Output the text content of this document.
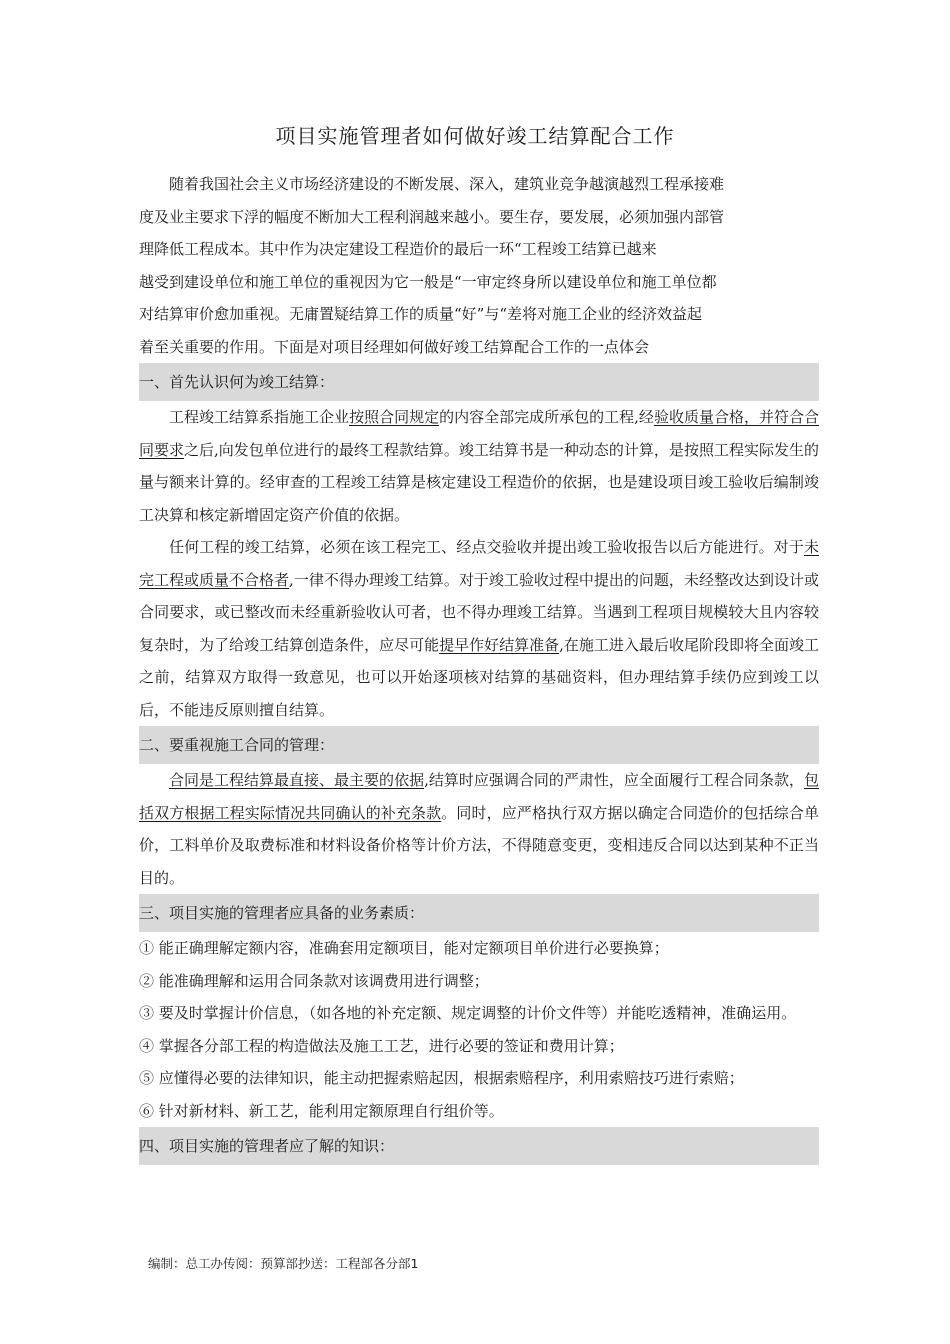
项目实施管理者如何做好竣工结算配合工作

随着我国社会主义市场经济建设的不断发展、深入，建筑业竞争越演越烈工程承接难
度及业主要求下浮的幅度不断加大工程利润越来越小。要生存，要发展，必须加强内部管
理降低工程成本。其中作为决定建设工程造价的最后一环“工程竣工结算已越来
越受到建设单位和施工单位的重视因为它一般是“一审定终身所以建设单位和施工单位都
对结算审价愈加重视。无庸置疑结算工作的质量“好”与“差将对施工企业的经济效益起
着至关重要的作用。下面是对项目经理如何做好竣工结算配合工作的一点体会

一、首先认识何为竣工结算：

工程竣工结算系指施工企业按照合同规定的内容全部完成所承包的工程,经验收质量合格，并符合合同要求之后,向发包单位进行的最终工程款结算。竣工结算书是一种动态的计算，是按照工程实际发生的量与额来计算的。经审查的工程竣工结算是核定建设工程造价的依据，也是建设项目竣工验收后编制竣工决算和核定新增固定资产价值的依据。

任何工程的竣工结算，必须在该工程完工、经点交验收并提出竣工验收报告以后方能进行。对于未完工程或质量不合格者,一律不得办理竣工结算。对于竣工验收过程中提出的问题，未经整改达到设计或合同要求，或已整改而未经重新验收认可者，也不得办理竣工结算。当遇到工程项目规模较大且内容较复杂时，为了给竣工结算创造条件，应尽可能提早作好结算准备,在施工进入最后收尾阶段即将全面竣工之前，结算双方取得一致意见，也可以开始逐项核对结算的基础资料，但办理结算手续仍应到竣工以后，不能违反原则擅自结算。

二、要重视施工合同的管理：

合同是工程结算最直接、最主要的依据,结算时应强调合同的严肃性，应全面履行工程合同条款，包括双方根据工程实际情况共同确认的补充条款。同时，应严格执行双方据以确定合同造价的包括综合单价，工料单价及取费标准和材料设备价格等计价方法，不得随意变更，变相违反合同以达到某种不正当目的。

三、项目实施的管理者应具备的业务素质：

① 能正确理解定额内容，准确套用定额项目，能对定额项目单价进行必要换算；

② 能准确理解和运用合同条款对该调费用进行调整；

③ 要及时掌握计价信息，（如各地的补充定额、规定调整的计价文件等）并能吃透精神，准确运用。

④ 掌握各分部工程的构造做法及施工工艺，进行必要的签证和费用计算；

⑤ 应懂得必要的法律知识，能主动把握索赔起因，根据索赔程序，利用索赔技巧进行索赔；

⑥ 针对新材料、新工艺，能利用定额原理自行组价等。

四、项目实施的管理者应了解的知识：
编制：总工办传阅：预算部抄送：工程部各分部1
